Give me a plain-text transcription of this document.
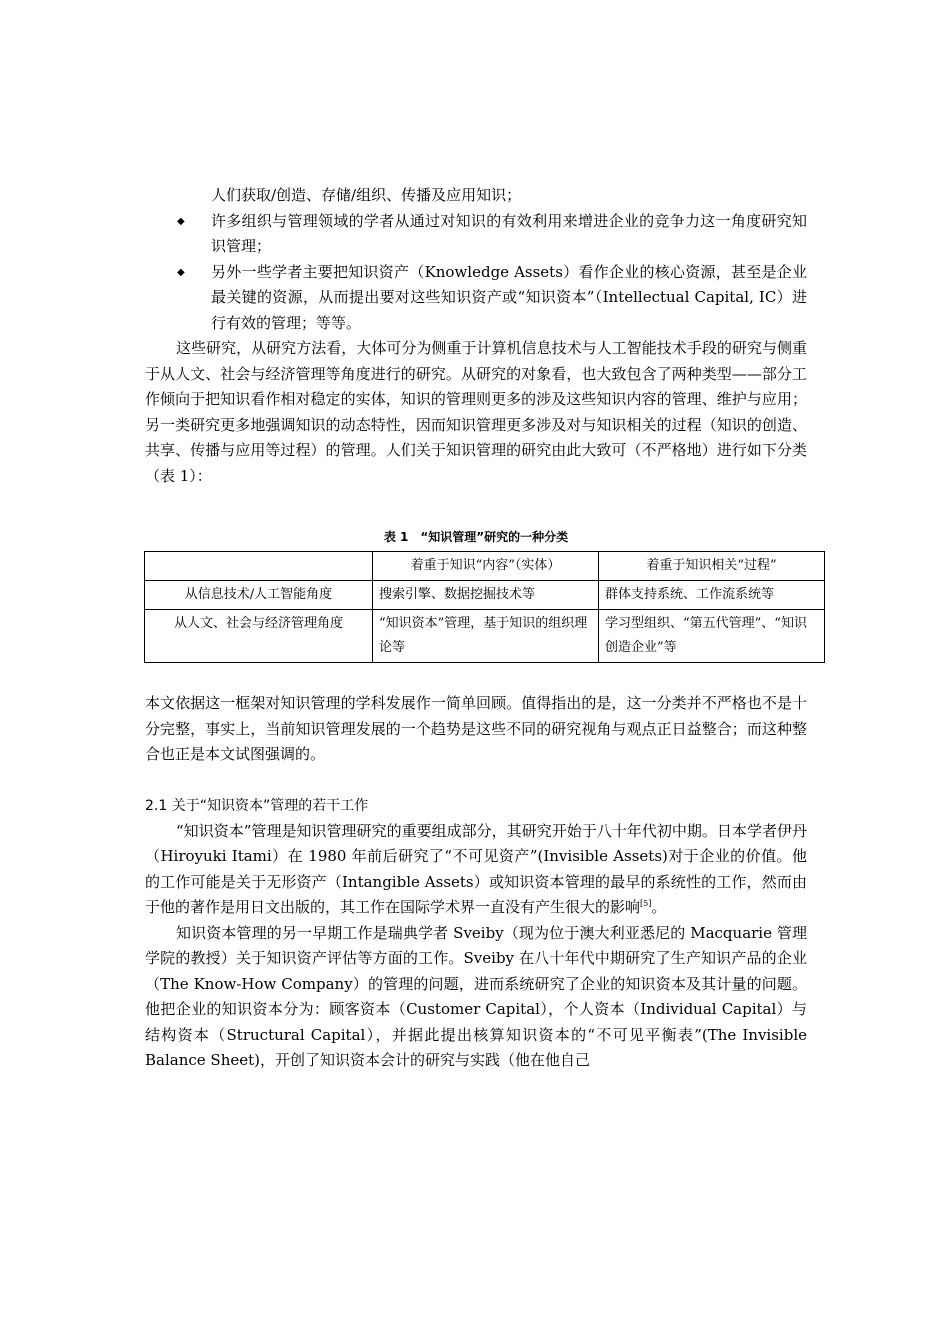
人们获取/创造、存储/组织、传播及应用知识；

◆ 许多组织与管理领域的学者从通过对知识的有效利用来增进企业的竞争力这一角度研究知识管理；
◆ 另外一些学者主要把知识资产（Knowledge Assets）看作企业的核心资源，甚至是企业最关键的资源，从而提出要对这些知识资产或“知识资本”（Intellectual Capital, IC）进行有效的管理；等等。

这些研究，从研究方法看，大体可分为侧重于计算机信息技术与人工智能技术手段的研究与侧重于从人文、社会与经济管理等角度进行的研究。从研究的对象看，也大致包含了两种类型——部分工作倾向于把知识看作相对稳定的实体，知识的管理则更多的涉及这些知识内容的管理、维护与应用；另一类研究更多地强调知识的动态特性，因而知识管理更多涉及对与知识相关的过程（知识的创造、共享、传播与应用等过程）的管理。人们关于知识管理的研究由此大致可（不严格地）进行如下分类（表 1）：

表 1　“知识管理”研究的一种分类
	着重于知识“内容”（实体）	着重于知识相关“过程”
从信息技术/人工智能角度	搜索引擎、数据挖掘技术等	群体支持系统、工作流系统等
从人文、社会与经济管理角度	“知识资本”管理，基于知识的组织理论等	学习型组织、“第五代管理”、“知识创造企业”等

本文依据这一框架对知识管理的学科发展作一简单回顾。值得指出的是，这一分类并不严格也不是十分完整，事实上，当前知识管理发展的一个趋势是这些不同的研究视角与观点正日益整合；而这种整合也正是本文试图强调的。

2.1 关于“知识资本”管理的若干工作

“知识资本”管理是知识管理研究的重要组成部分，其研究开始于八十年代初中期。日本学者伊丹（Hiroyuki Itami）在 1980 年前后研究了“不可见资产”(Invisible Assets)对于企业的价值。他的工作可能是关于无形资产（Intangible Assets）或知识资本管理的最早的系统性的工作，然而由于他的著作是用日文出版的，其工作在国际学术界一直没有产生很大的影响[5]。

知识资本管理的另一早期工作是瑞典学者 Sveiby（现为位于澳大利亚悉尼的 Macquarie 管理学院的教授）关于知识资产评估等方面的工作。Sveiby 在八十年代中期研究了生产知识产品的企业（The Know-How Company）的管理的问题，进而系统研究了企业的知识资本及其计量的问题。他把企业的知识资本分为：顾客资本（Customer Capital），个人资本（Individual Capital）与结构资本（Structural Capital），并据此提出核算知识资本的“不可见平衡表”(The Invisible Balance Sheet)，开创了知识资本会计的研究与实践（他在他自己
